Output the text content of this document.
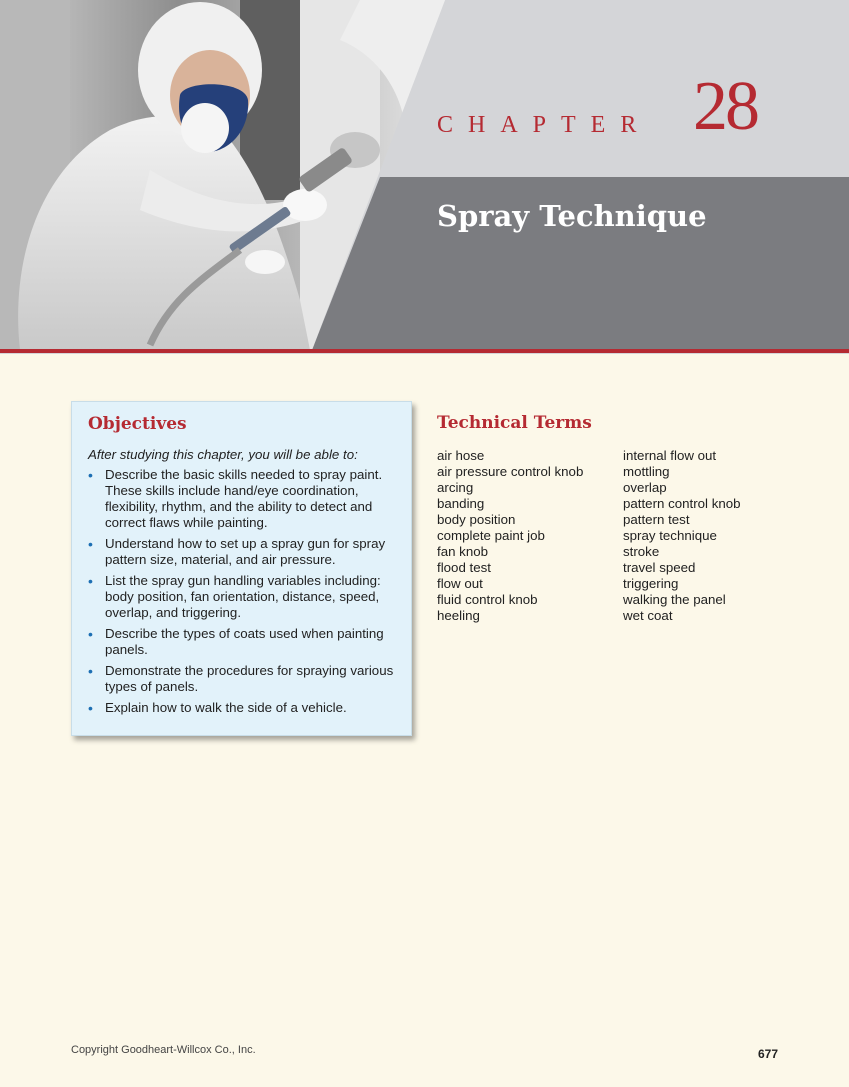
CHAPTER 28
Spray Technique
Objectives

After studying this chapter, you will be able to:

• Describe the basic skills needed to spray paint. These skills include hand/eye coordination, flexibility, rhythm, and the ability to detect and correct flaws while painting.
• Understand how to set up a spray gun for spray pattern size, material, and air pressure.
• List the spray gun handling variables including: body position, fan orientation, distance, speed, overlap, and triggering.
• Describe the types of coats used when painting panels.
• Demonstrate the procedures for spraying various types of panels.
• Explain how to walk the side of a vehicle.
Technical Terms
air hose
air pressure control knob
arcing
banding
body position
complete paint job
fan knob
flood test
flow out
fluid control knob
heeling
internal flow out
mottling
overlap
pattern control knob
pattern test
spray technique
stroke
travel speed
triggering
walking the panel
wet coat
Copyright Goodheart-Willcox Co., Inc.	677
